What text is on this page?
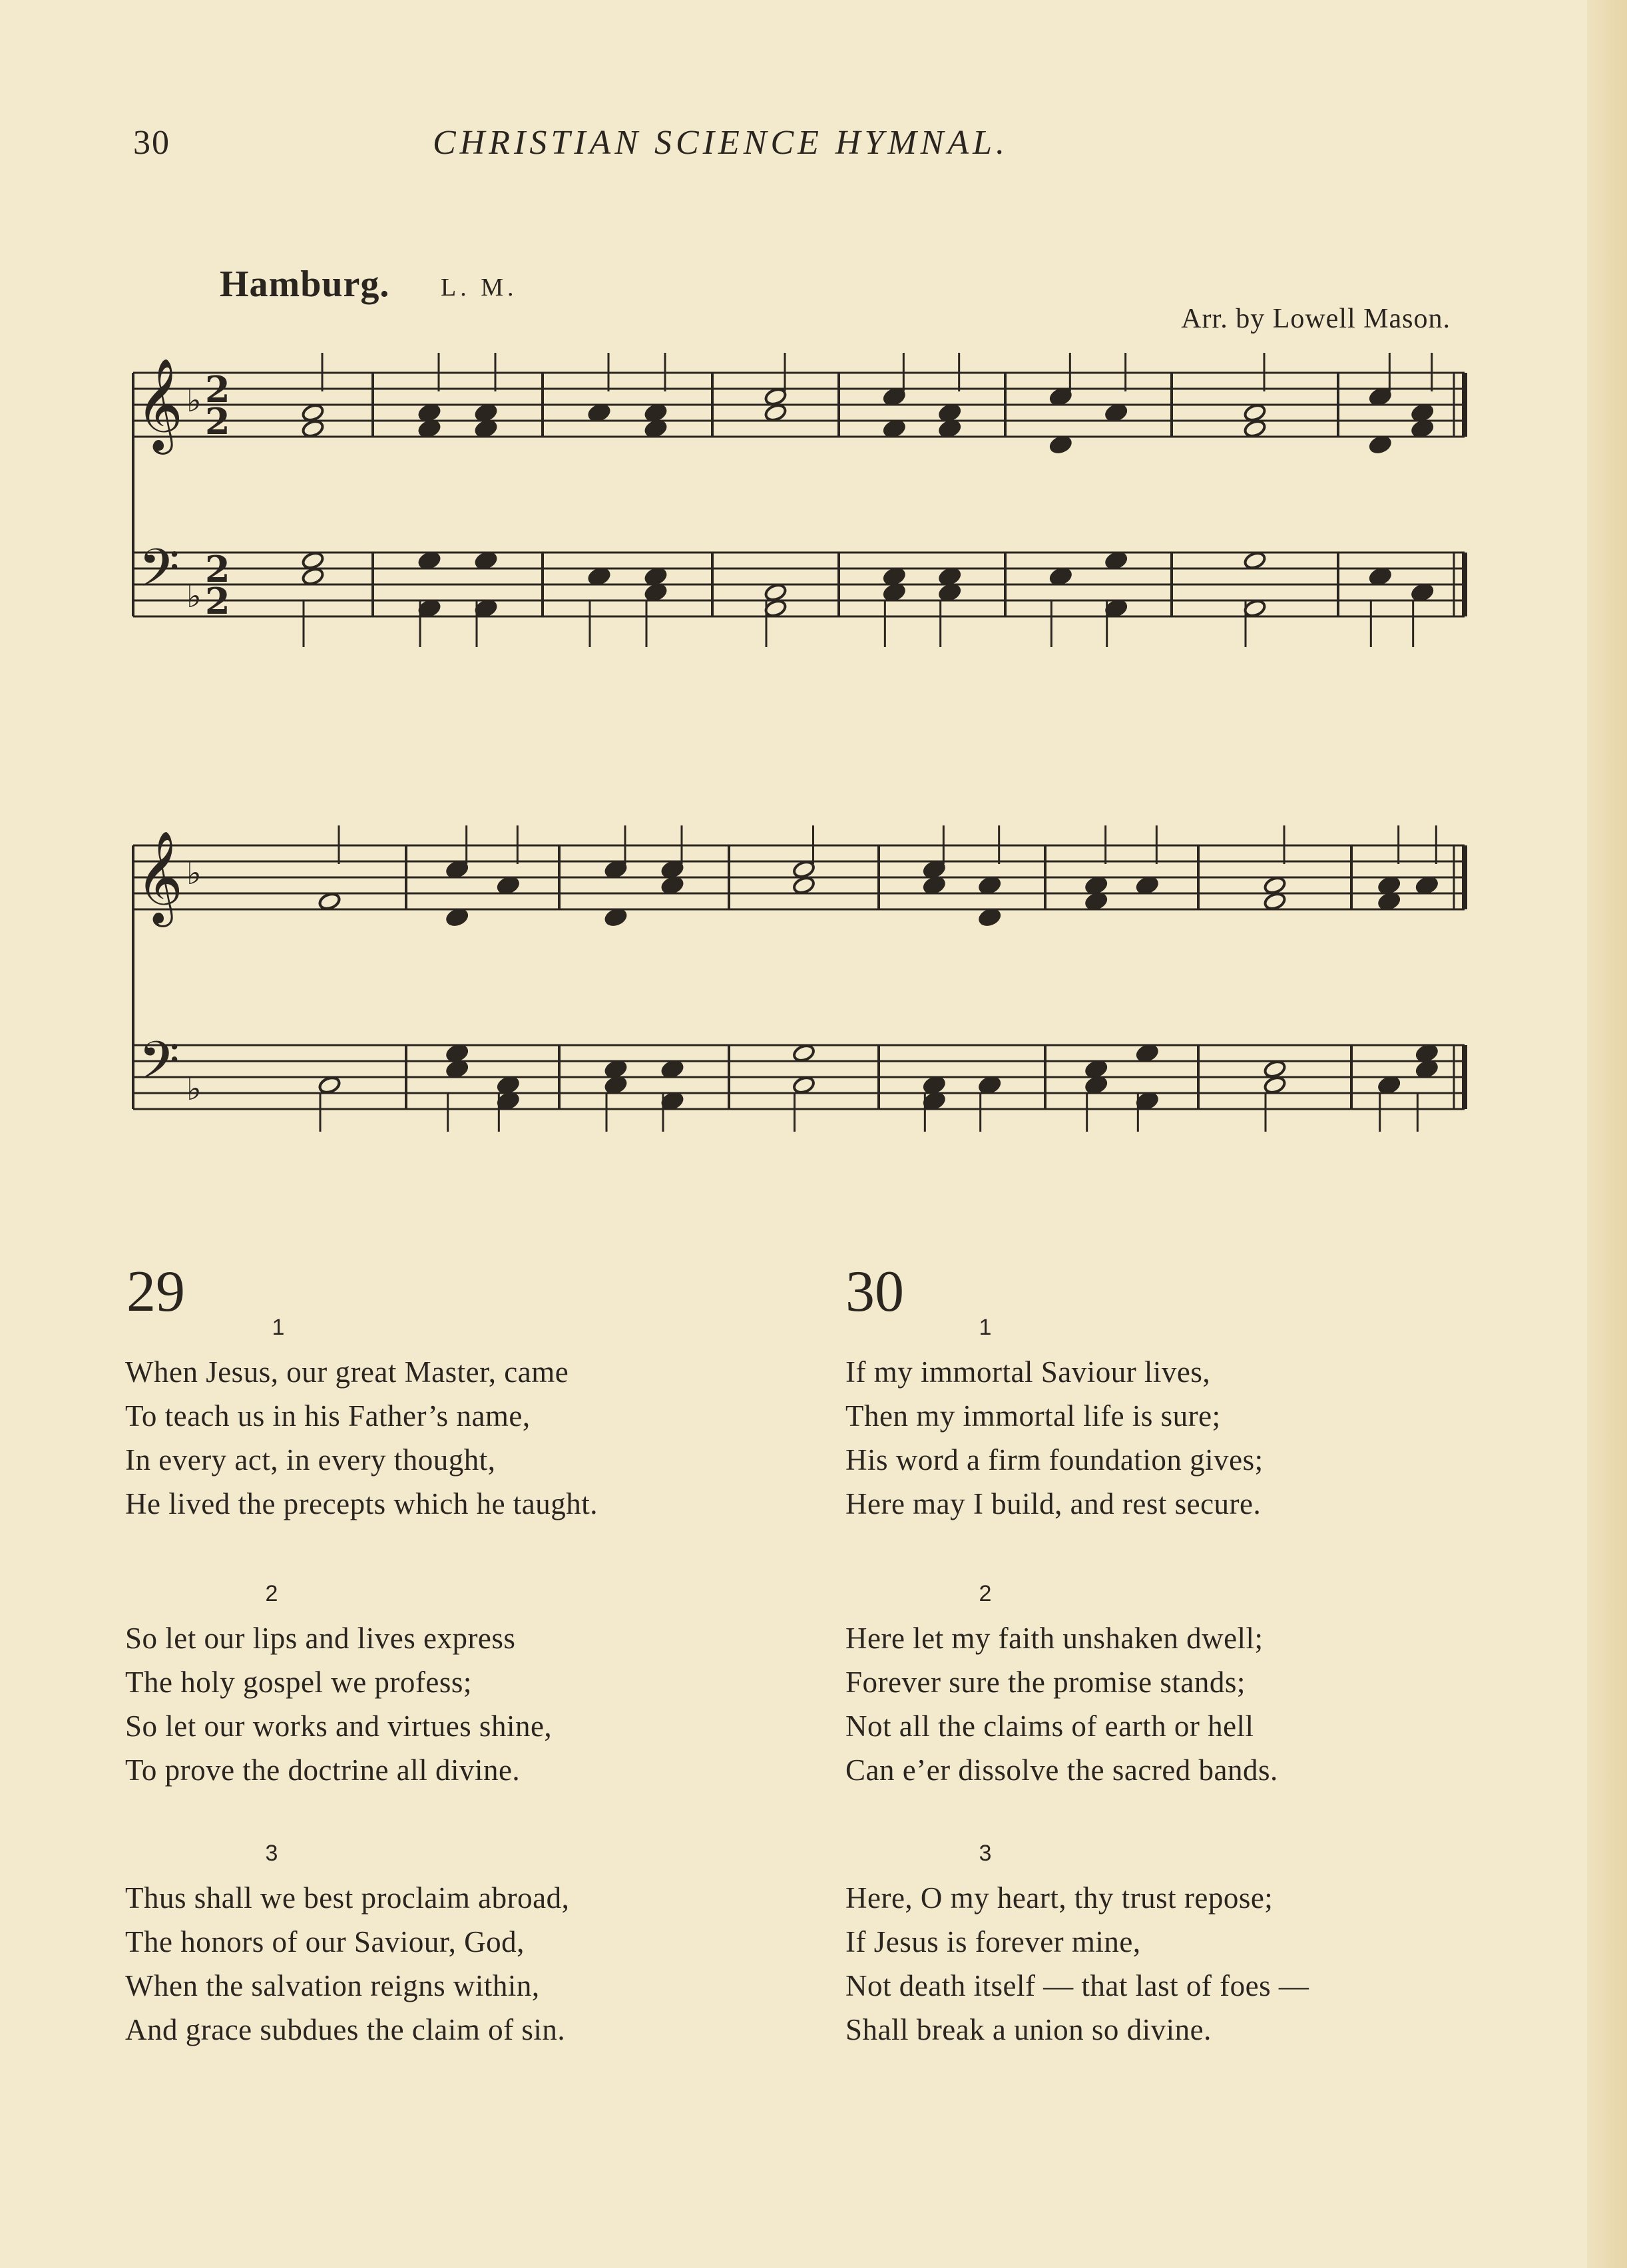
30	CHRISTIAN SCIENCE HYMNAL.
Hamburg. L. M.
Arr. by Lowell Mason.
𝄞
𝄢
♭
♭
2
2
2
2
𝄞
𝄢
♭
♭
29
1
When Jesus, our great Master, came
To teach us in his Father’s name,
In every act, in every thought,
He lived the precepts which he taught.
2
So let our lips and lives express
The holy gospel we profess;
So let our works and virtues shine,
To prove the doctrine all divine.
3
Thus shall we best proclaim abroad,
The honors of our Saviour, God,
When the salvation reigns within,
And grace subdues the claim of sin.
30
1
If my immortal Saviour lives,
Then my immortal life is sure;
His word a firm foundation gives;
Here may I build, and rest secure.
2
Here let my faith unshaken dwell;
Forever sure the promise stands;
Not all the claims of earth or hell
Can e’er dissolve the sacred bands.
3
Here, O my heart, thy trust repose;
If Jesus is forever mine,
Not death itself — that last of foes —
Shall break a union so divine.
